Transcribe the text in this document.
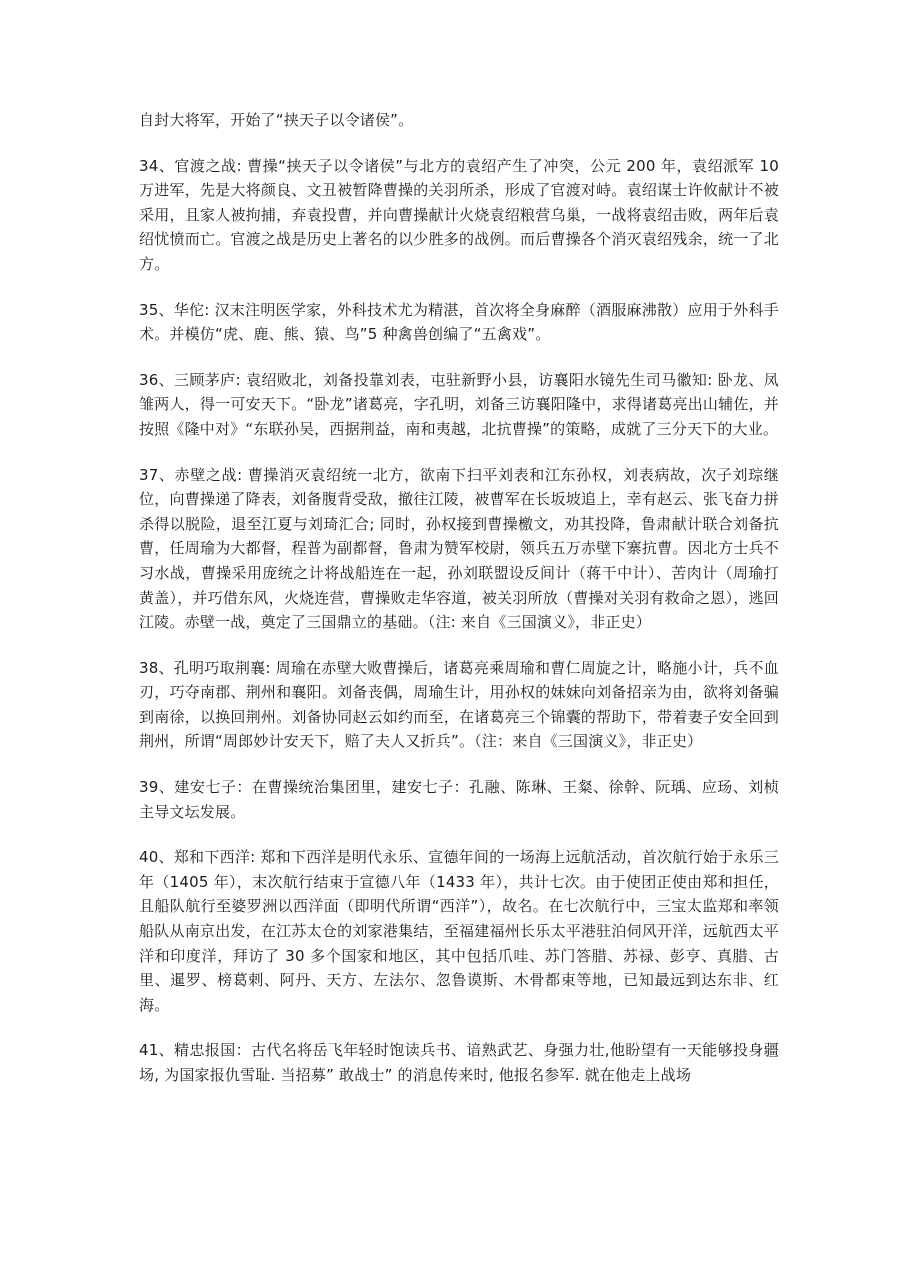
自封大将军，开始了“挟天子以令诸侯”。

34、官渡之战: 曹操“挟天子以令诸侯”与北方的袁绍产生了冲突，公元 200 年，袁绍派军 10 万进军，先是大将颜良、文丑被暂降曹操的关羽所杀，形成了官渡对峙。袁绍谋士许攸献计不被采用，且家人被拘捕，弃袁投曹，并向曹操献计火烧袁绍粮营乌巢，一战将袁绍击败，两年后袁绍忧愤而亡。官渡之战是历史上著名的以少胜多的战例。而后曹操各个消灭袁绍残余，统一了北方。

35、华佗: 汉末注明医学家，外科技术尤为精湛，首次将全身麻醉（酒服麻沸散）应用于外科手术。并模仿“虎、鹿、熊、猿、鸟”5 种禽兽创编了“五禽戏”。

36、三顾茅庐: 袁绍败北，刘备投靠刘表，屯驻新野小县，访襄阳水镜先生司马徽知: 卧龙、凤雏两人，得一可安天下。“卧龙”诸葛亮，字孔明，刘备三访襄阳隆中，求得诸葛亮出山辅佐，并按照《隆中对》“东联孙吴，西据荆益，南和夷越，北抗曹操”的策略，成就了三分天下的大业。

37、赤壁之战: 曹操消灭袁绍统一北方，欲南下扫平刘表和江东孙权，刘表病故，次子刘琮继位，向曹操递了降表，刘备腹背受敌，撤往江陵，被曹军在长坂坡追上，幸有赵云、张飞奋力拼杀得以脱险，退至江夏与刘琦汇合; 同时，孙权接到曹操檄文，劝其投降，鲁肃献计联合刘备抗曹，任周瑜为大都督，程普为副都督，鲁肃为赞军校尉，领兵五万赤壁下寨抗曹。因北方士兵不习水战，曹操采用庞统之计将战船连在一起，孙刘联盟设反间计（蒋干中计）、苦肉计（周瑜打黄盖），并巧借东风，火烧连营，曹操败走华容道，被关羽所放（曹操对关羽有救命之恩），逃回江陵。赤壁一战，奠定了三国鼎立的基础。（注: 来自《三国演义》，非正史）

38、孔明巧取荆襄: 周瑜在赤壁大败曹操后，诸葛亮乘周瑜和曹仁周旋之计，略施小计，兵不血刃，巧夺南郡、荆州和襄阳。刘备丧偶，周瑜生计，用孙权的妹妹向刘备招亲为由，欲将刘备骗到南徐，以换回荆州。刘备协同赵云如约而至，在诸葛亮三个锦囊的帮助下，带着妻子安全回到荆州，所谓“周郎妙计安天下，赔了夫人又折兵”。（注：来自《三国演义》，非正史）

39、建安七子：在曹操统治集团里，建安七子：孔融、陈琳、王粲、徐幹、阮瑀、应玚、刘桢主导文坛发展。

40、郑和下西洋: 郑和下西洋是明代永乐、宣德年间的一场海上远航活动，首次航行始于永乐三年（1405 年），末次航行结束于宣德八年（1433 年），共计七次。由于使团正使由郑和担任，且船队航行至婆罗洲以西洋面（即明代所谓“西洋”），故名。在七次航行中，三宝太监郑和率领船队从南京出发，在江苏太仓的刘家港集结，至福建福州长乐太平港驻泊伺风开洋，远航西太平洋和印度洋，拜访了 30 多个国家和地区，其中包括爪哇、苏门答腊、苏禄、彭亨、真腊、古里、暹罗、榜葛剌、阿丹、天方、左法尔、忽鲁谟斯、木骨都束等地，已知最远到达东非、红海。

41、精忠报国：古代名将岳飞年轻时饱读兵书、谙熟武艺、身强力壮,他盼望有一天能够投身疆场, 为国家报仇雪耻. 当招募” 敢战士” 的消息传来时, 他报名参军. 就在他走上战场
